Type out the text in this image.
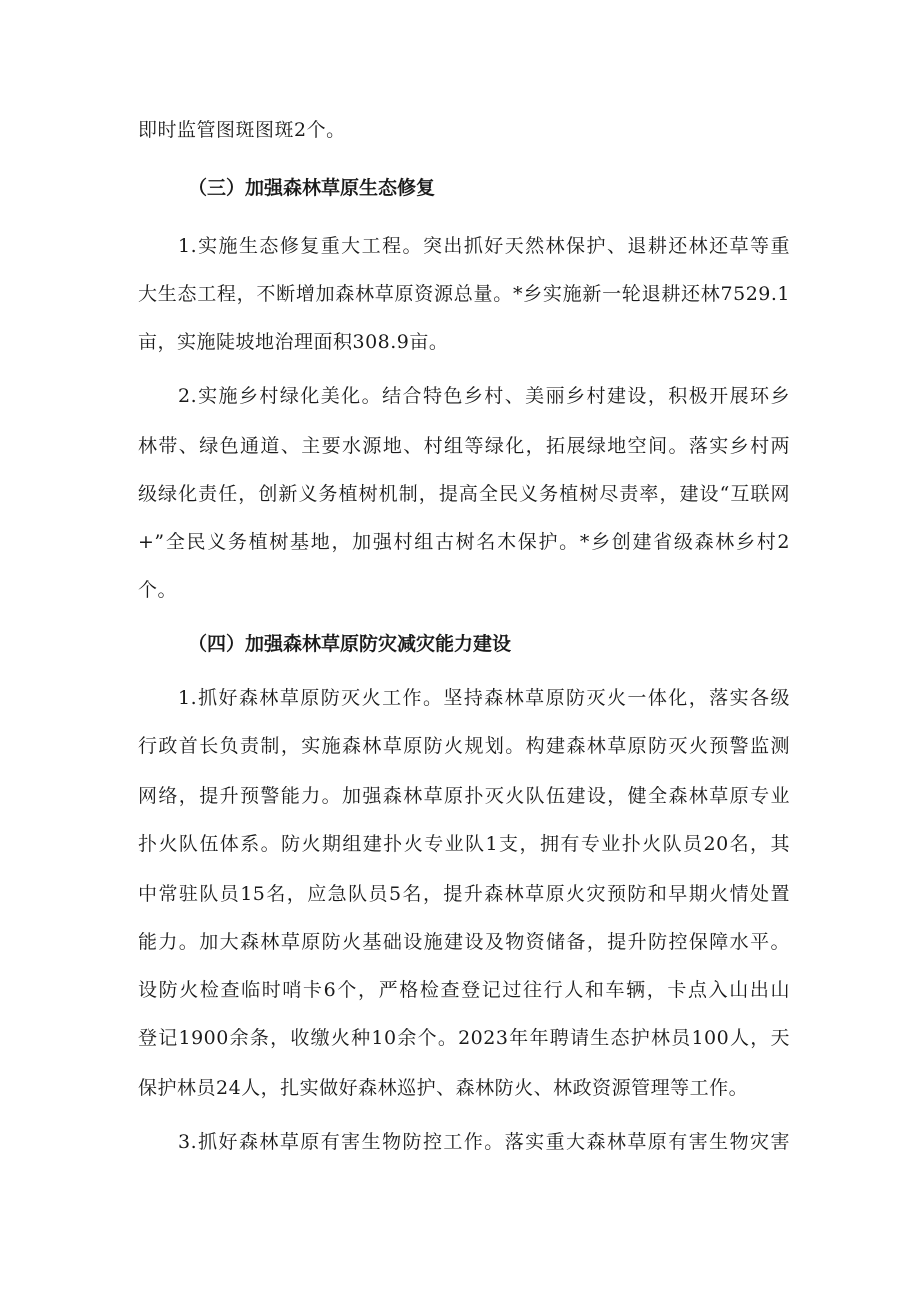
即时监管图斑图斑2个。
（三）加强森林草原生态修复
1.实施生态修复重大工程。突出抓好天然林保护、退耕还林还草等重
大生态工程，不断增加森林草原资源总量。*乡实施新一轮退耕还林7529.1
亩，实施陡坡地治理面积308.9亩。
2.实施乡村绿化美化。结合特色乡村、美丽乡村建设，积极开展环乡
林带、绿色通道、主要水源地、村组等绿化，拓展绿地空间。落实乡村两
级绿化责任，创新义务植树机制，提高全民义务植树尽责率，建设“互联网
+”全民义务植树基地，加强村组古树名木保护。*乡创建省级森林乡村2
个。
（四）加强森林草原防灾减灾能力建设
1.抓好森林草原防灭火工作。坚持森林草原防灭火一体化，落实各级
行政首长负责制，实施森林草原防火规划。构建森林草原防灭火预警监测
网络，提升预警能力。加强森林草原扑灭火队伍建设，健全森林草原专业
扑火队伍体系。防火期组建扑火专业队1支，拥有专业扑火队员20名，其
中常驻队员15名，应急队员5名，提升森林草原火灾预防和早期火情处置
能力。加大森林草原防火基础设施建设及物资储备，提升防控保障水平。
设防火检查临时哨卡6个，严格检查登记过往行人和车辆，卡点入山出山
登记1900余条，收缴火种10余个。2023年年聘请生态护林员100人，天
保护林员24人，扎实做好森林巡护、森林防火、林政资源管理等工作。
3.抓好森林草原有害生物防控工作。落实重大森林草原有害生物灾害
